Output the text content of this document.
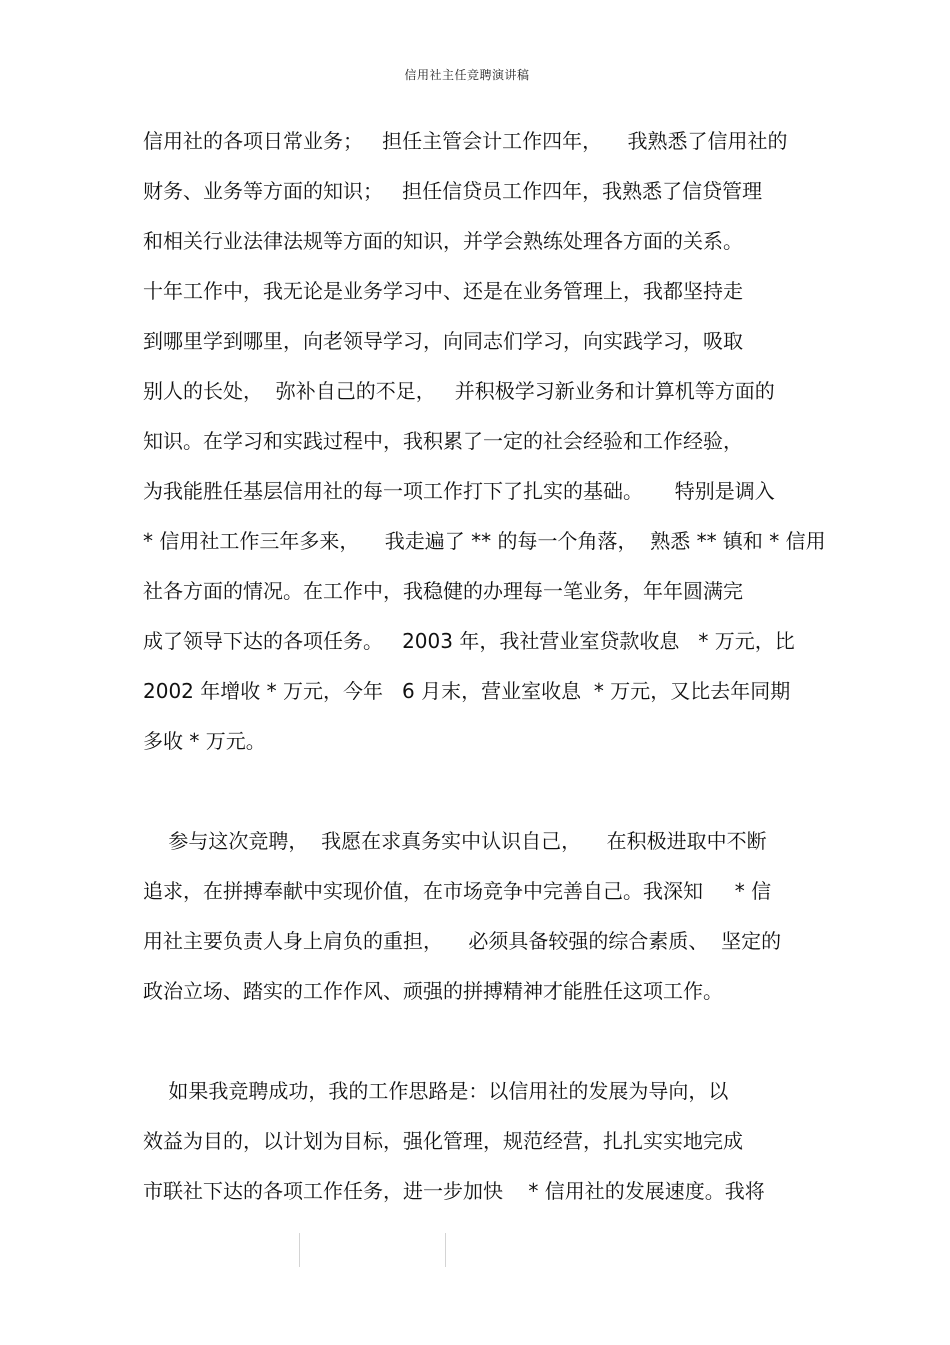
信用社主任竞聘演讲稿
信用社的各项日常业务；   担任主管会计工作四年，    我熟悉了信用社的
财务、业务等方面的知识；   担任信贷员工作四年，我熟悉了信贷管理
和相关行业法律法规等方面的知识，并学会熟练处理各方面的关系。
十年工作中，我无论是业务学习中、还是在业务管理上，我都坚持走
到哪里学到哪里，向老领导学习，向同志们学习，向实践学习，吸取
别人的长处，  弥补自己的不足，   并积极学习新业务和计算机等方面的
知识。在学习和实践过程中，我积累了一定的社会经验和工作经验，
为我能胜任基层信用社的每一项工作打下了扎实的基础。     特别是调入
* 信用社工作三年多来，    我走遍了 ** 的每一个角落，  熟悉 ** 镇和 * 信用
社各方面的情况。在工作中，我稳健的办理每一笔业务，年年圆满完
成了领导下达的各项任务。   2003 年，我社营业室贷款收息   * 万元，比
2002 年增收 * 万元，今年   6 月末，营业室收息  * 万元，又比去年同期
多收 * 万元。
参与这次竞聘，  我愿在求真务实中认识自己，    在积极进取中不断
追求，在拼搏奉献中实现价值，在市场竞争中完善自己。我深知     * 信
用社主要负责人身上肩负的重担，    必须具备较强的综合素质、  坚定的
政治立场、踏实的工作作风、顽强的拼搏精神才能胜任这项工作。
如果我竞聘成功，我的工作思路是：以信用社的发展为导向，以
效益为目的，以计划为目标，强化管理，规范经营，扎扎实实地完成
市联社下达的各项工作任务，进一步加快    * 信用社的发展速度。我将
